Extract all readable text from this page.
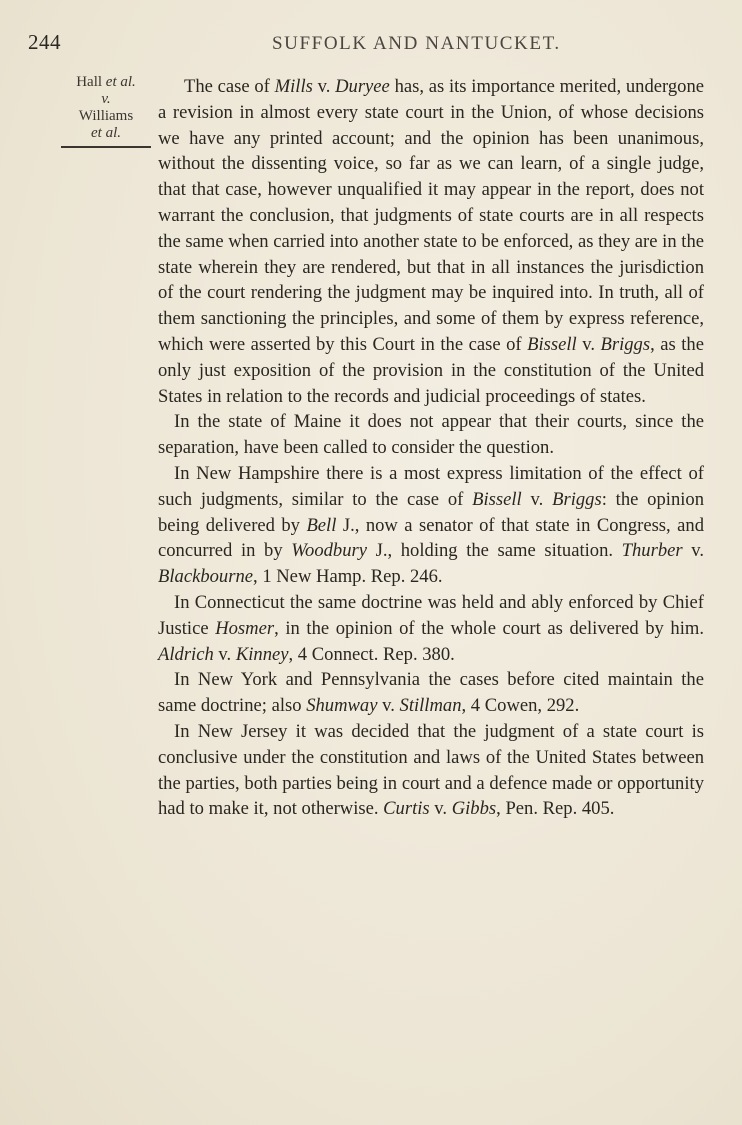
244	SUFFOLK AND NANTUCKET.
Hall et al.
v.
Williams
et al.

The case of Mills v. Duryee has, as its importance merited, undergone a revision in almost every state court in the Union, of whose decisions we have any printed account; and the opinion has been unanimous, without the dissenting voice, so far as we can learn, of a single judge, that that case, however unqualified it may appear in the report, does not warrant the conclusion, that judgments of state courts are in all respects the same when carried into another state to be enforced, as they are in the state wherein they are rendered, but that in all instances the jurisdiction of the court rendering the judgment may be inquired into. In truth, all of them sanctioning the principles, and some of them by express reference, which were asserted by this Court in the case of Bissell v. Briggs, as the only just exposition of the provision in the constitution of the United States in relation to the records and judicial proceedings of states.

In the state of Maine it does not appear that their courts, since the separation, have been called to consider the question.

In New Hampshire there is a most express limitation of the effect of such judgments, similar to the case of Bissell v. Briggs: the opinion being delivered by Bell J., now a senator of that state in Congress, and concurred in by Woodbury J., holding the same situation. Thurber v. Blackbourne, 1 New Hamp. Rep. 246.

In Connecticut the same doctrine was held and ably enforced by Chief Justice Hosmer, in the opinion of the whole court as delivered by him. Aldrich v. Kinney, 4 Connect. Rep. 380.

In New York and Pennsylvania the cases before cited maintain the same doctrine; also Shumway v. Stillman, 4 Cowen, 292.

In New Jersey it was decided that the judgment of a state court is conclusive under the constitution and laws of the United States between the parties, both parties being in court and a defence made or opportunity had to make it, not otherwise. Curtis v. Gibbs, Pen. Rep. 405.
